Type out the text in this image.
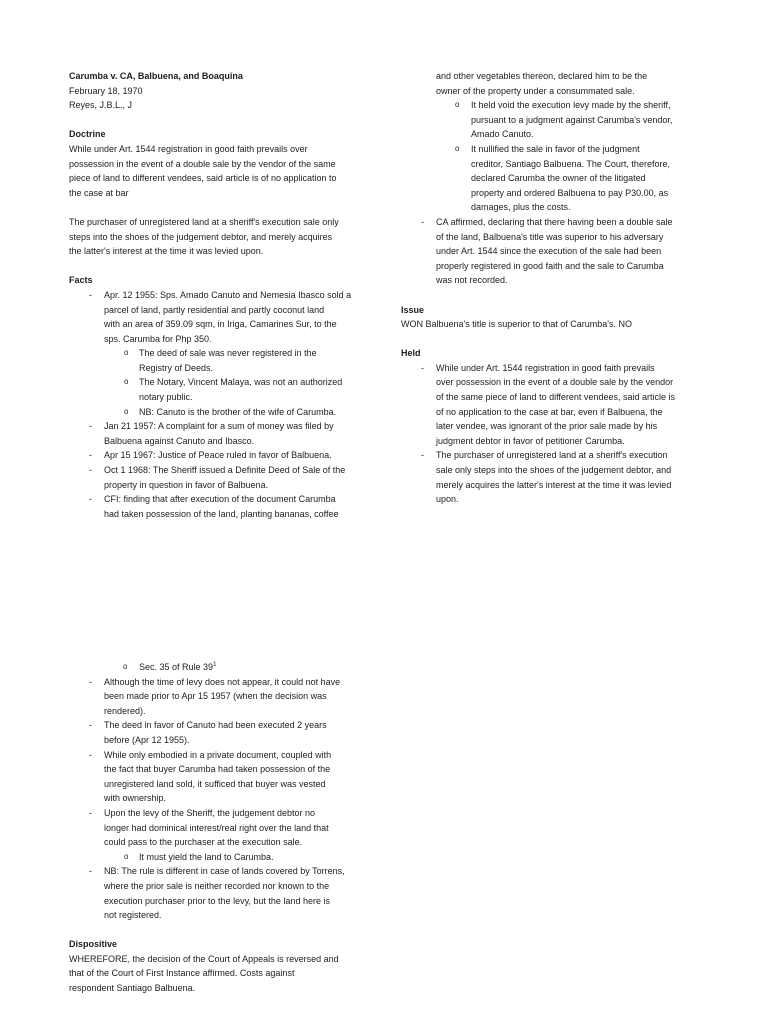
Carumba v. CA, Balbuena, and Boaquina
February 18, 1970
Reyes, J.B.L., J
Doctrine
While under Art. 1544 registration in good faith prevails over
possession in the event of a double sale by the vendor of the same
piece of land to different vendees, said article is of no application to
the case at bar
The purchaser of unregistered land at a sheriff's execution sale only
steps into the shoes of the judgement debtor, and merely acquires
the latter's interest at the time it was levied upon.
Facts
- Apr. 12 1955: Sps. Amado Canuto and Nemesia Ibasco sold a
parcel of land, partly residential and partly coconut land
with an area of 359.09 sqm, in Iriga, Camarines Sur, to the
sps. Carumba for Php 350.
o The deed of sale was never registered in the
Registry of Deeds.
o The Notary, Vincent Malaya, was not an authorized
notary public.
o NB: Canuto is the brother of the wife of Carumba.
- Jan 21 1957: A complaint for a sum of money was filed by
Balbuena against Canuto and Ibasco.
- Apr 15 1967: Justice of Peace ruled in favor of Balbuena.
- Oct 1 1968: The Sheriff issued a Definite Deed of Sale of the
property in question in favor of Balbuena.
- CFI: finding that after execution of the document Carumba
had taken possession of the land, planting bananas, coffee
and other vegetables thereon, declared him to be the
owner of the property under a consummated sale.
o It held void the execution levy made by the sheriff,
pursuant to a judgment against Carumba's vendor,
Amado Canuto.
o It nullified the sale in favor of the judgment
creditor, Santiago Balbuena. The Court, therefore,
declared Carumba the owner of the litigated
property and ordered Balbuena to pay P30.00, as
damages, plus the costs.
- CA affirmed, declaring that there having been a double sale
of the land, Balbuena's title was superior to his adversary
under Art. 1544 since the execution of the sale had been
properly registered in good faith and the sale to Carumba
was not recorded.
Issue
WON Balbuena's title is superior to that of Carumba's. NO
Held
- While under Art. 1544 registration in good faith prevails
over possession in the event of a double sale by the vendor
of the same piece of land to different vendees, said article is
of no application to the case at bar, even if Balbuena, the
later vendee, was ignorant of the prior sale made by his
judgment debtor in favor of petitioner Carumba.
- The purchaser of unregistered land at a sheriff's execution
sale only steps into the shoes of the judgement debtor, and
merely acquires the latter's interest at the time it was levied
upon.
o Sec. 35 of Rule $39^1$
- Although the time of levy does not appear, it could not have
been made prior to Apr 15 1957 (when the decision was
rendered).
- The deed in favor of Canuto had been executed 2 years
before (Apr 12 1955).
- While only embodied in a private document, coupled with
the fact that buyer Carumba had taken possession of the
unregistered land sold, it sufficed that buyer was vested
with ownership.
- Upon the levy of the Sheriff, the judgement debtor no
longer had dominical interest/real right over the land that
could pass to the purchaser at the execution sale.
o It must yield the land to Carumba.
- NB: The rule is different in case of lands covered by Torrens,
where the prior sale is neither recorded nor known to the
execution purchaser prior to the levy, but the land here is
not registered.
Dispositive
WHEREFORE, the decision of the Court of Appeals is reversed and
that of the Court of First Instance affirmed. Costs against
respondent Santiago Balbuena.
